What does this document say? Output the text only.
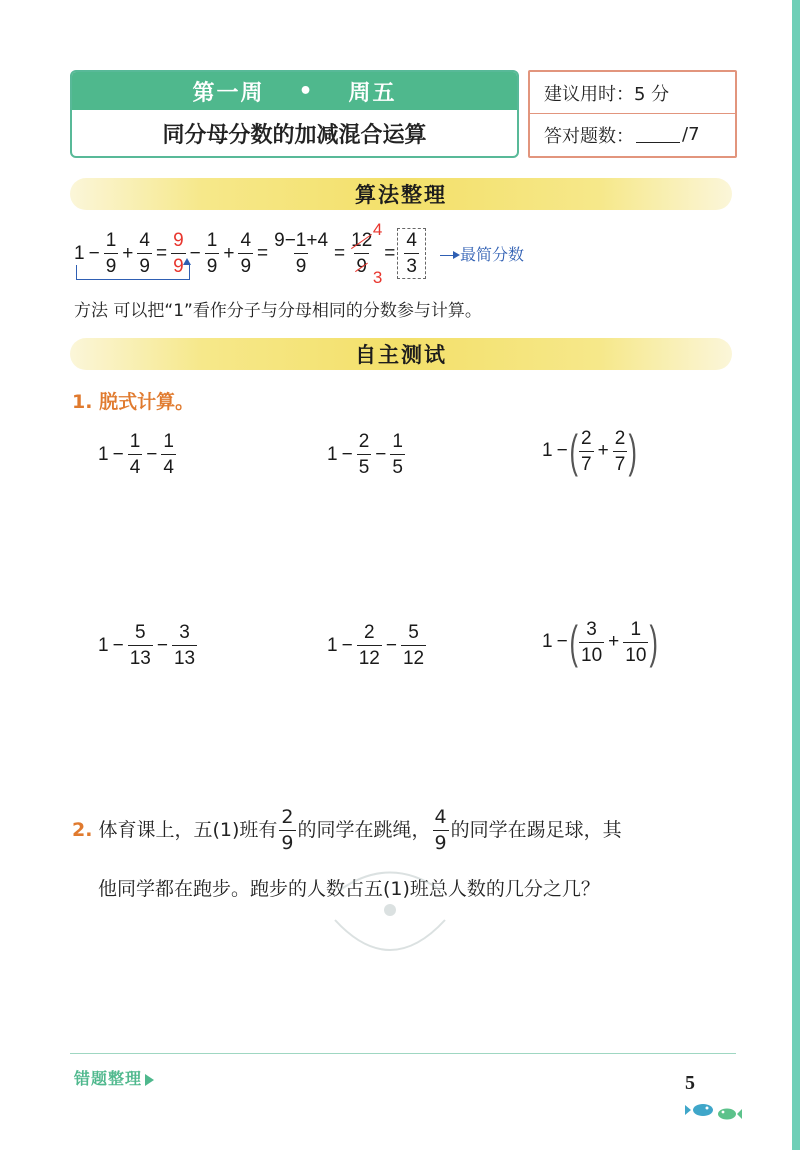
第一周 • 周五
同分母分数的加减混合运算
建议用时：5 分
答对题数：	/7
算法整理
$1 - \frac{1}{9} + \frac{4}{9} = \frac{9}{9} - \frac{1}{9} + \frac{4}{9} = \frac{9-1+4}{9}$ =
12
9
4
3
= $\frac{4}{3}$	最简分数
方法 可以把“1”看作分子与分母相同的分数参与计算。
自主测试
1. 脱式计算。
$1 - \frac{1}{4} - \frac{1}{4}$	$1 - \frac{2}{5} - \frac{1}{5}$	1 −( $\frac{2}{7} + \frac{2}{7}$ )
$1 - \frac{5}{13} - \frac{3}{13}$	$1 - \frac{2}{12} - \frac{5}{12}$	1 −( $\frac{3}{10} + \frac{1}{10}$ )
2. 体育课上，五(1)班有 $\frac{2}{9}$ 的同学在跳绳， $\frac{4}{9}$ 的同学在踢足球，其
他同学都在跑步。跑步的人数占五(1)班总人数的几分之几？
错题整理	5
